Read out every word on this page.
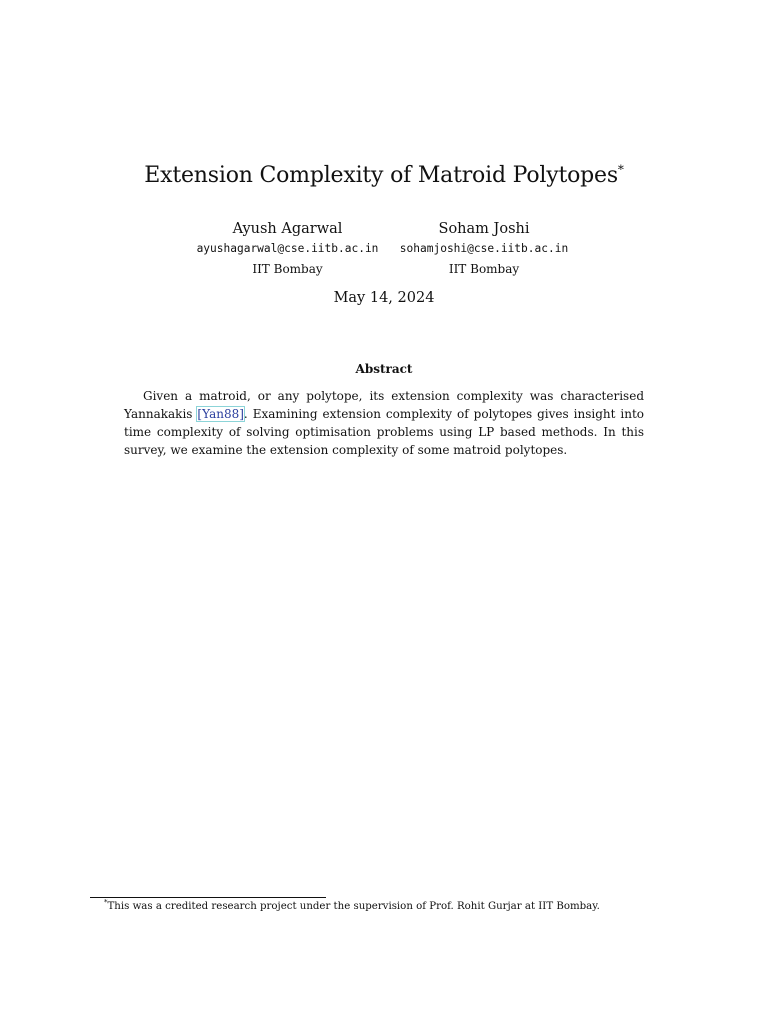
Extension Complexity of Matroid Polytopes*
Ayush Agarwal
ayushagarwal@cse.iitb.ac.in
IIT Bombay
Soham Joshi
sohamjoshi@cse.iitb.ac.in
IIT Bombay
May 14, 2024
Abstract
Given a matroid, or any polytope, its extension complexity was characterised Yannakakis [Yan88]. Examining extension complexity of polytopes gives insight into time complexity of solving optimisation problems using LP based methods. In this survey, we examine the extension complexity of some matroid polytopes.
*This was a credited research project under the supervision of Prof. Rohit Gurjar at IIT Bombay.
